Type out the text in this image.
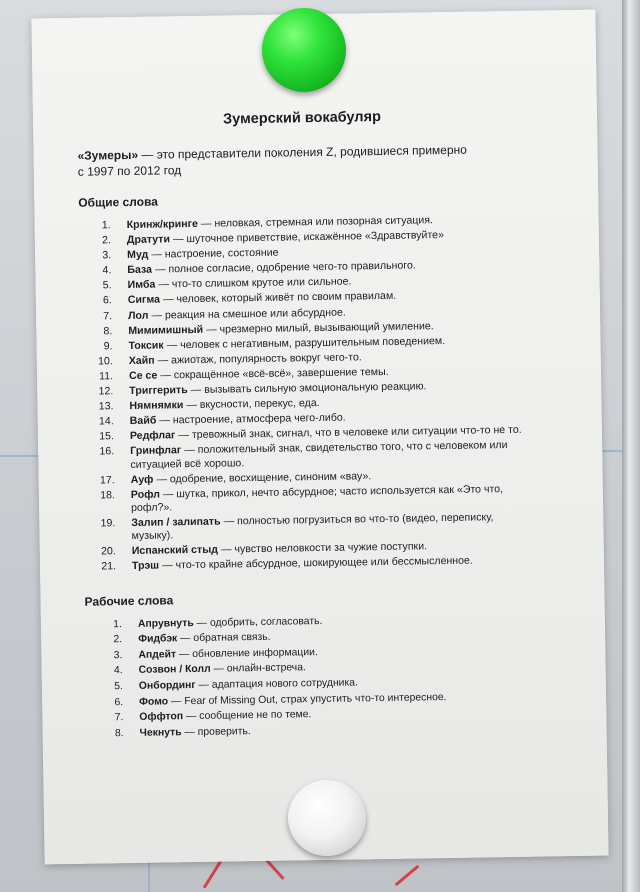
Зумерский вокабуляр

«Зумеры» — это представители поколения Z, родившиеся примерно с 1997 по 2012 год

Общие слова
1.	Кринж/кринге — неловкая, стремная или позорная ситуация.
2.	Дратути — шуточное приветствие, искажённое «Здравствуйте»
3.	Муд — настроение, состояние
4.	База — полное согласие, одобрение чего-то правильного.
5.	Имба — что-то слишком крутое или сильное.
6.	Сигма — человек, который живёт по своим правилам.
7.	Лол — реакция на смешное или абсурдное.
8.	Мимимишный — чрезмерно милый, вызывающий умиление.
9.	Токсик — человек с негативным, разрушительным поведением.
10.	Хайп — ажиотаж, популярность вокруг чего-то.
11.	Се се — сокращённое «всё-всё», завершение темы.
12.	Триггерить — вызывать сильную эмоциональную реакцию.
13.	Нямнямки — вкусности, перекус, еда.
14.	Вайб — настроение, атмосфера чего-либо.
15.	Редфлаг — тревожный знак, сигнал, что в человеке или ситуации что-то не то.
16.	Гринфлаг — положительный знак, свидетельство того, что с человеком или ситуацией всё хорошо.
17.	Ауф — одобрение, восхищение, синоним «вау».
18.	Рофл — шутка, прикол, нечто абсурдное; часто используется как «Это что, рофл?».
19.	Залип / залипать — полностью погрузиться во что-то (видео, переписку, музыку).
20.	Испанский стыд — чувство неловкости за чужие поступки.
21.	Трэш — что-то крайне абсурдное, шокирующее или бессмысленное.
Рабочие слова
1.	Апрувнуть — одобрить, согласовать.
2.	Фидбэк — обратная связь.
3.	Апдейт — обновление информации.
4.	Созвон / Колл — онлайн-встреча.
5.	Онбординг — адаптация нового сотрудника.
6.	Фомо — Fear of Missing Out, страх упустить что-то интересное.
7.	Оффтоп — сообщение не по теме.
8.	Чекнуть — проверить.
